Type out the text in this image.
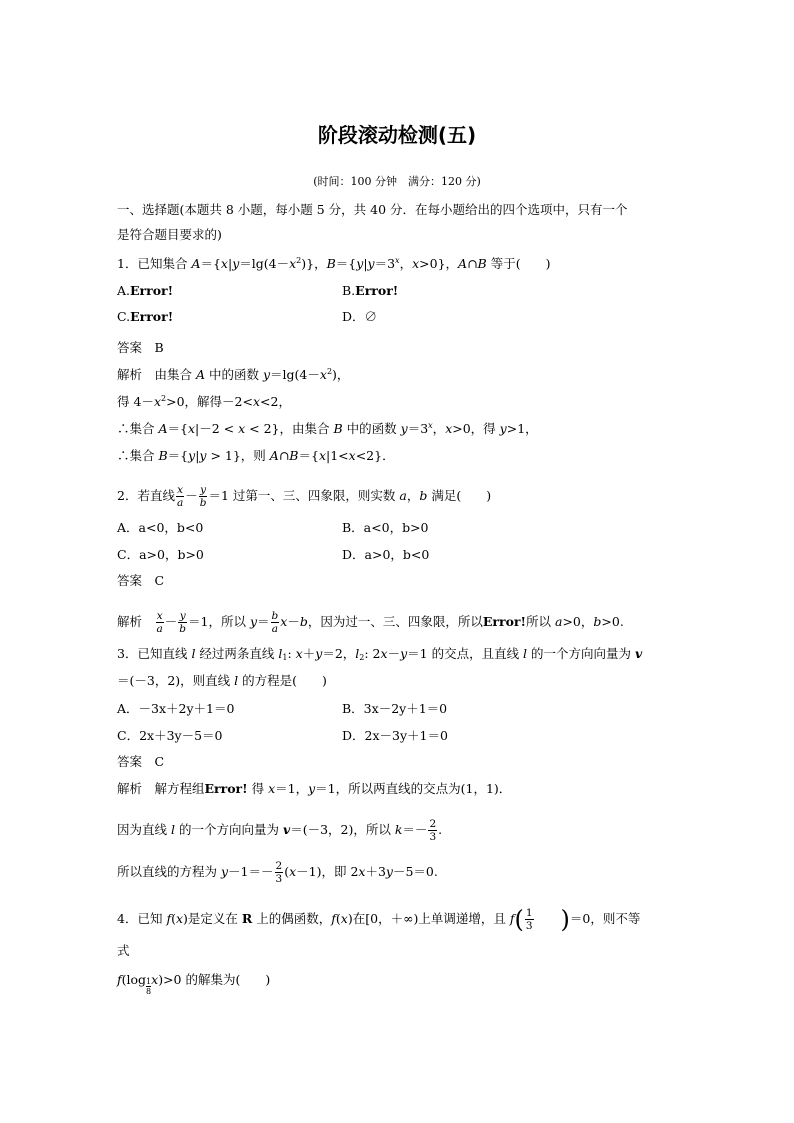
阶段滚动检测(五)
(时间：100 分钟　满分：120 分)
一、选择题(本题共 8 小题，每小题 5 分，共 40 分．在每小题给出的四个选项中，只有一个
是符合题目要求的)
1．已知集合 $A=\{x|y=\lg(4-x^2)\}$，$B=\{y|y=3^x$，x>0}，A∩B 等于(　　)
A.Error!	B.Error!
C.Error!	D．∅
答案　B
解析　由集合 A 中的函数 $y=\lg(4-x^2)$，
得 $4-x^2>0$，解得－2<x<2，
∴集合 A＝{x|－2 < x < 2}，由集合 B 中的函数 $y=3^x$，x>0，得 y>1，
∴集合 B＝{y|y > 1}，则 A∩B＝{x|1<x<2}．
2．若直线 $\frac{x}{a} - \frac{y}{b} =1$ 过第一、三、四象限，则实数 a，b 满足(　　)
A．a<0，b<0	B．a<0，b>0
C．a>0，b>0	D．a>0，b<0
答案　C
解析　 $\frac{x}{a} - \frac{y}{b} =1$，所以 $y= \frac{b}{a} x-b$，因为过一、三、四象限，所以Error!所以 a>0，b>0.
3．已知直线 l 经过两条直线 $l_1$: x＋y＝2，$l_2$: 2x－y＝1 的交点，且直线 l 的一个方向向量为 v
＝(－3，2)，则直线 l 的方程是(　　)
A．－3x＋2y＋1＝0	B．3x－2y＋1＝0
C．2x＋3y－5＝0	D．2x－3y＋1＝0
答案　C
解析　解方程组Error! 得 x＝1，y＝1，所以两直线的交点为(1，1)．
因为直线 l 的一个方向向量为 v＝(－3，2)，所以 $k=- \frac{2}{3}$ .
所以直线的方程为 $y-1=- \frac{2}{3} (x-1)$，即 2x＋3y－5＝0.
4．已知 f(x)是定义在 R 上的偶函数，f(x)在[0，＋∞)上单调递增，且 $f( \frac{1}{3} )=0$，则不等
式
$f(\log \frac{1}{8} x)>0$ 的解集为(　　)
